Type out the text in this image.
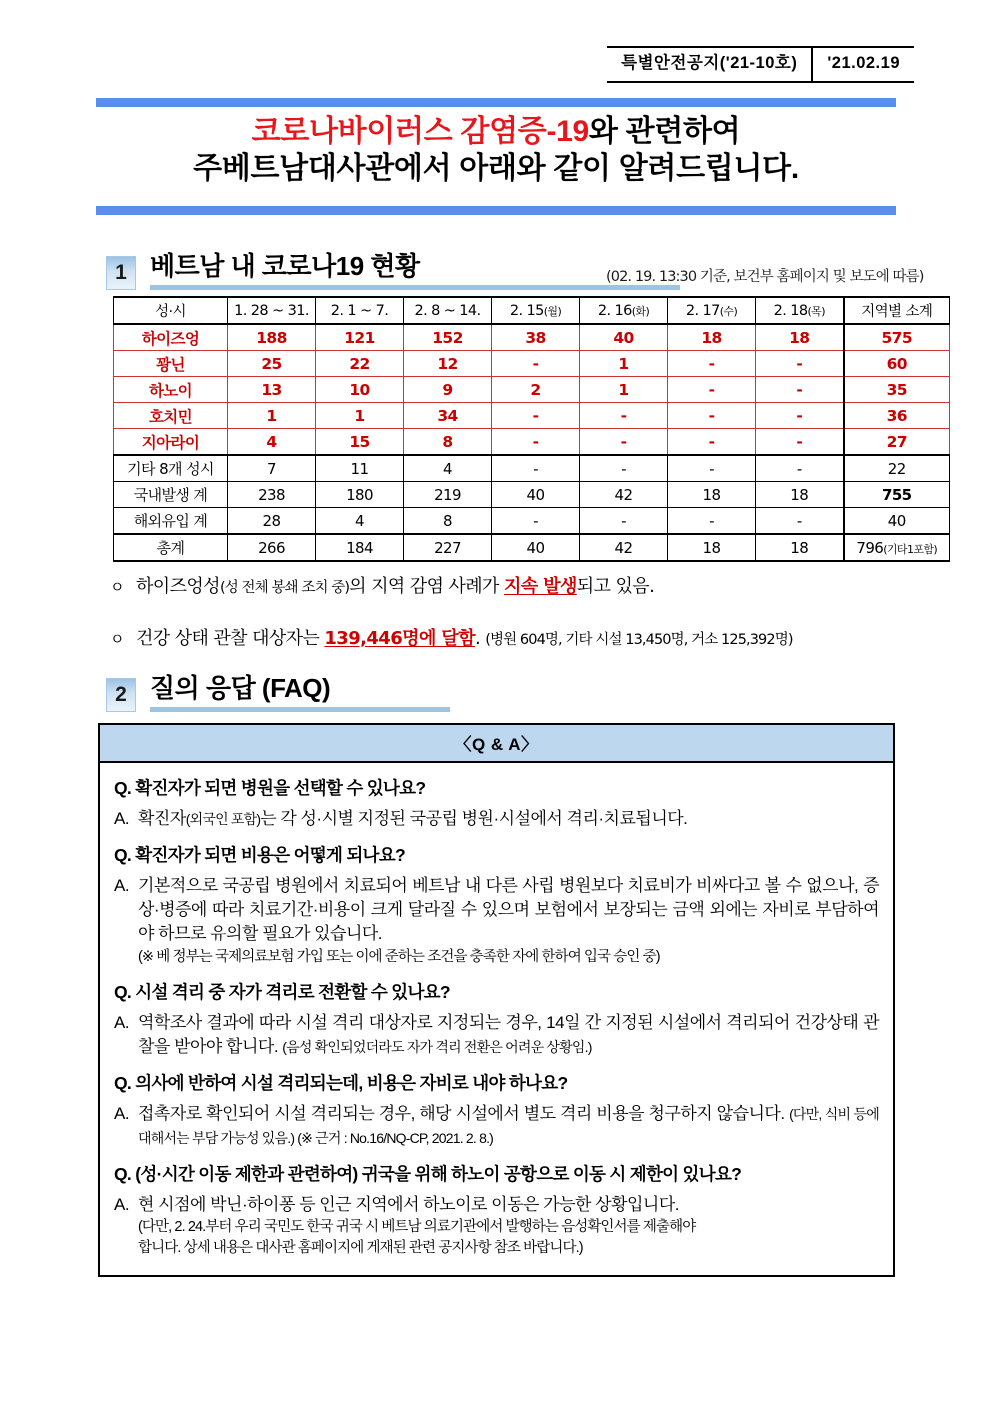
특별안전공지('21-10호)	'21.02.19
코로나바이러스 감염증-19와 관련하여
주베트남대사관에서 아래와 같이 알려드립니다.
1 베트남 내 코로나19 현황	(02. 19. 13:30 기준, 보건부 홈페이지 및 보도에 따름)
성·시	1. 28 ~ 31.	2. 1 ~ 7.	2. 8 ~ 14.	2. 15(월)	2. 16(화)	2. 17(수)	2. 18(목)	지역별 소계
하이즈엉	188	121	152	38	40	18	18	575
꽝닌	25	22	12	-	1	-	-	60
하노이	13	10	9	2	1	-	-	35
호치민	1	1	34	-	-	-	-	36
지아라이	4	15	8	-	-	-	-	27
기타 8개 성시	7	11	4	-	-	-	-	22
국내발생 계	238	180	219	40	42	18	18	755
해외유입 계	28	4	8	-	-	-	-	40
총계	266	184	227	40	42	18	18	796(기타1포함)
ㅇ 하이즈엉성(성 전체 봉쇄 조치 중)의 지역 감염 사례가 지속 발생되고 있음.
ㅇ 건강 상태 관찰 대상자는 139,446명에 달함. (병원 604명, 기타 시설 13,450명, 거소 125,392명)
2 질의 응답 (FAQ)
〈Q & A〉
Q. 확진자가 되면 병원을 선택할 수 있나요?
A. 확진자(외국인 포함)는 각 성·시별 지정된 국공립 병원·시설에서 격리·치료됩니다.
Q. 확진자가 되면 비용은 어떻게 되나요?
A. 기본적으로 국공립 병원에서 치료되어 베트남 내 다른 사립 병원보다 치료비가 비싸다고 볼 수 없으나, 증상·병증에 따라 치료기간·비용이 크게 달라질 수 있으며 보험에서 보장되는 금액 외에는 자비로 부담하여야 하므로 유의할 필요가 있습니다.
(※ 베 정부는 국제의료보험 가입 또는 이에 준하는 조건을 충족한 자에 한하여 입국 승인 중)
Q. 시설 격리 중 자가 격리로 전환할 수 있나요?
A. 역학조사 결과에 따라 시설 격리 대상자로 지정되는 경우, 14일 간 지정된 시설에서 격리되어 건강상태 관찰을 받아야 합니다. (음성 확인되었더라도 자가 격리 전환은 어려운 상황임.)
Q. 의사에 반하여 시설 격리되는데, 비용은 자비로 내야 하나요?
A. 접촉자로 확인되어 시설 격리되는 경우, 해당 시설에서 별도 격리 비용을 청구하지 않습니다. (다만, 식비 등에 대해서는 부담 가능성 있음.) (※ 근거 : No.16/NQ-CP, 2021. 2. 8.)
Q. (성·시간 이동 제한과 관련하여) 귀국을 위해 하노이 공항으로 이동 시 제한이 있나요?
A. 현 시점에 박닌·하이퐁 등 인근 지역에서 하노이로 이동은 가능한 상황입니다.
(다만, 2. 24.부터 우리 국민도 한국 귀국 시 베트남 의료기관에서 발행하는 음성확인서를 제출해야
합니다. 상세 내용은 대사관 홈페이지에 게재된 관련 공지사항 참조 바랍니다.)
